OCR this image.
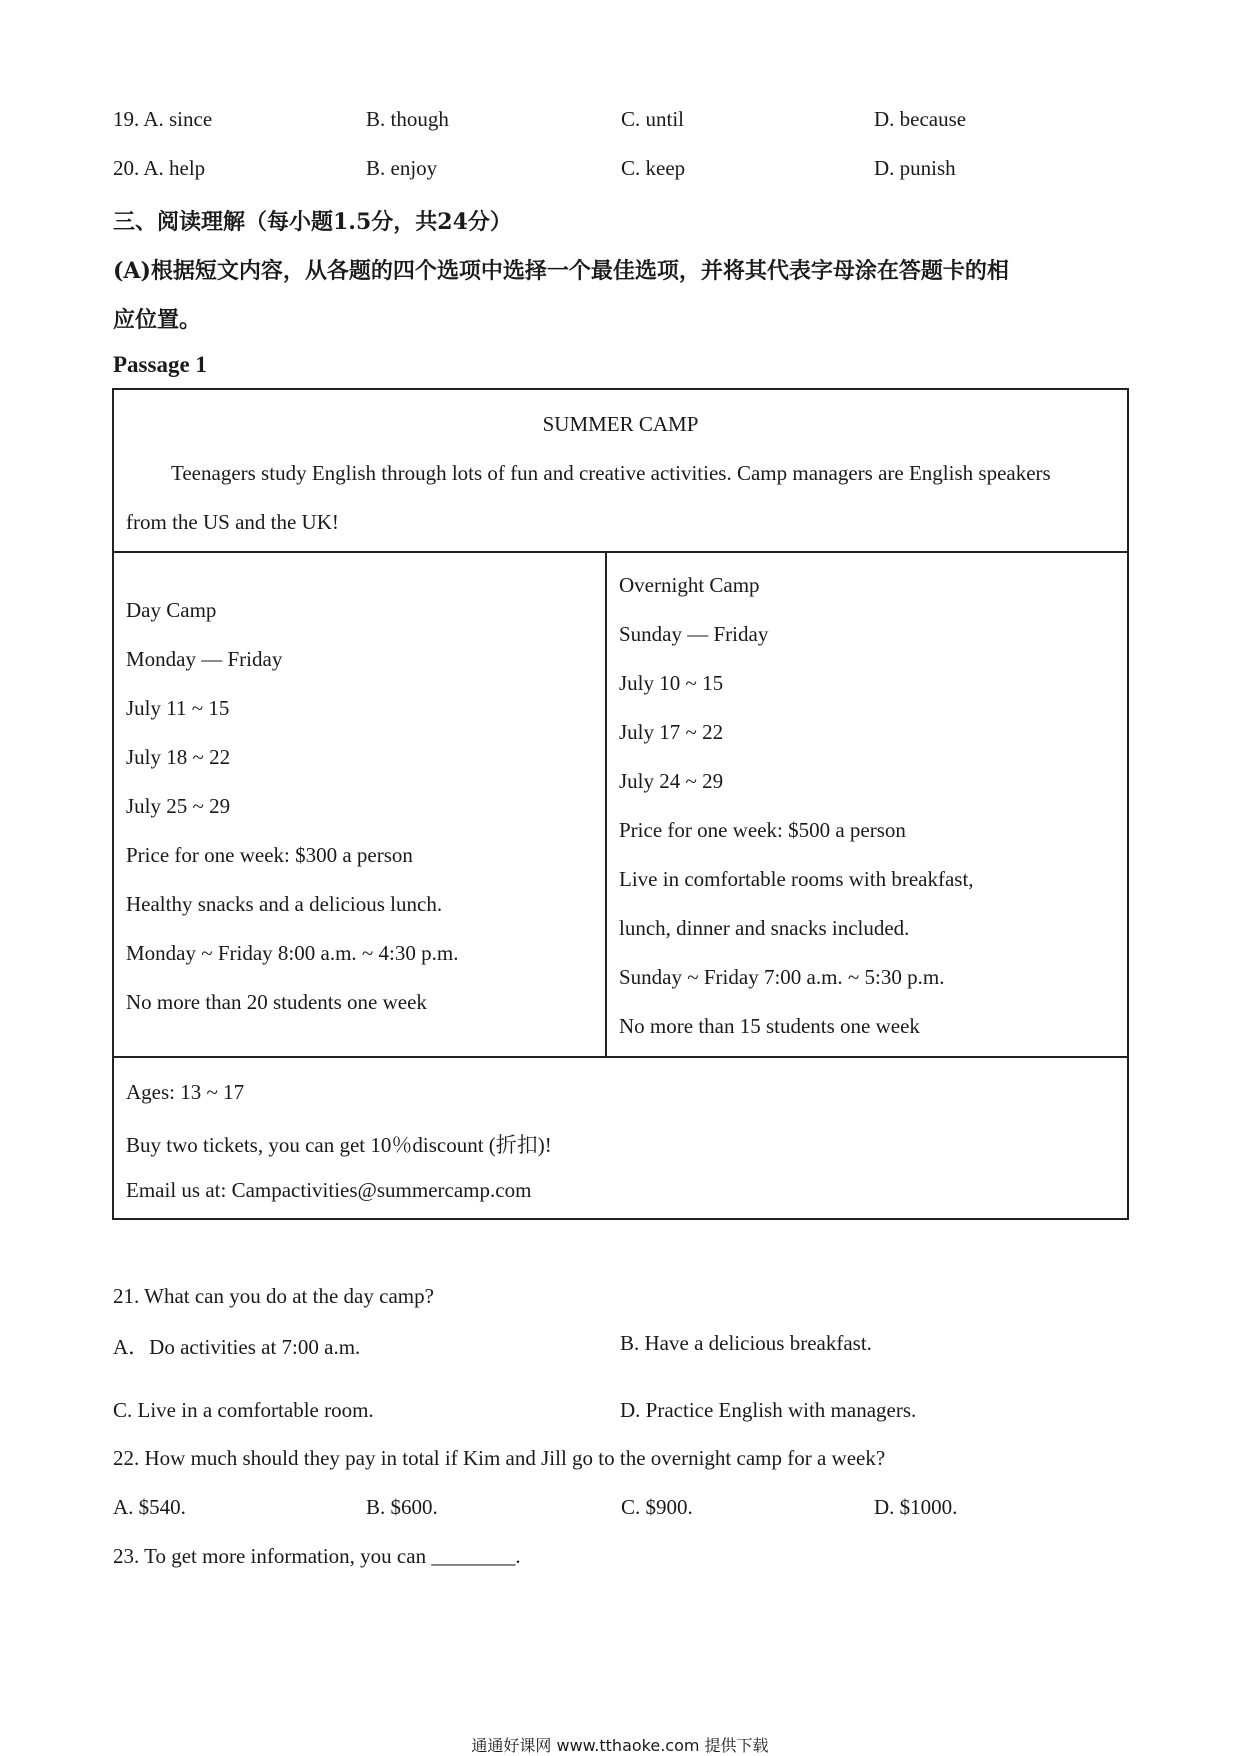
19. A. since	B. though	C. until	D. because
20. A. help	B. enjoy	C. keep	D. punish
三、阅读理解（每小题1.5分，共24分）
(A)根据短文内容，从各题的四个选项中选择一个最佳选项，并将其代表字母涂在答题卡的相
应位置。
Passage 1
SUMMER CAMP
Teenagers study English through lots of fun and creative activities. Camp managers are English speakers
from the US and the UK!
Day Camp
Monday — Friday
July 11 ~ 15
July 18 ~ 22
July 25 ~ 29
Price for one week: $300 a person
Healthy snacks and a delicious lunch.
Monday ~ Friday 8:00 a.m. ~ 4:30 p.m.
No more than 20 students one week
Overnight Camp
Sunday — Friday
July 10 ~ 15
July 17 ~ 22
July 24 ~ 29
Price for one week: $500 a person
Live in comfortable rooms with breakfast,
lunch, dinner and snacks included.
Sunday ~ Friday 7:00 a.m. ~ 5:30 p.m.
No more than 15 students one week
Ages: 13 ~ 17
Buy two tickets, you can get 10％discount (折扣)!
Email us at: Campactivities@summercamp.com
21. What can you do at the day camp?
A．Do activities at 7:00 a.m.	B. Have a delicious breakfast.
C. Live in a comfortable room.	D. Practice English with managers.
22. How much should they pay in total if Kim and Jill go to the overnight camp for a week?
A. $540.	B. $600.	C. $900.	D. $1000.
23. To get more information, you can ________.
通通好课网 www.tthaoke.com 提供下载
